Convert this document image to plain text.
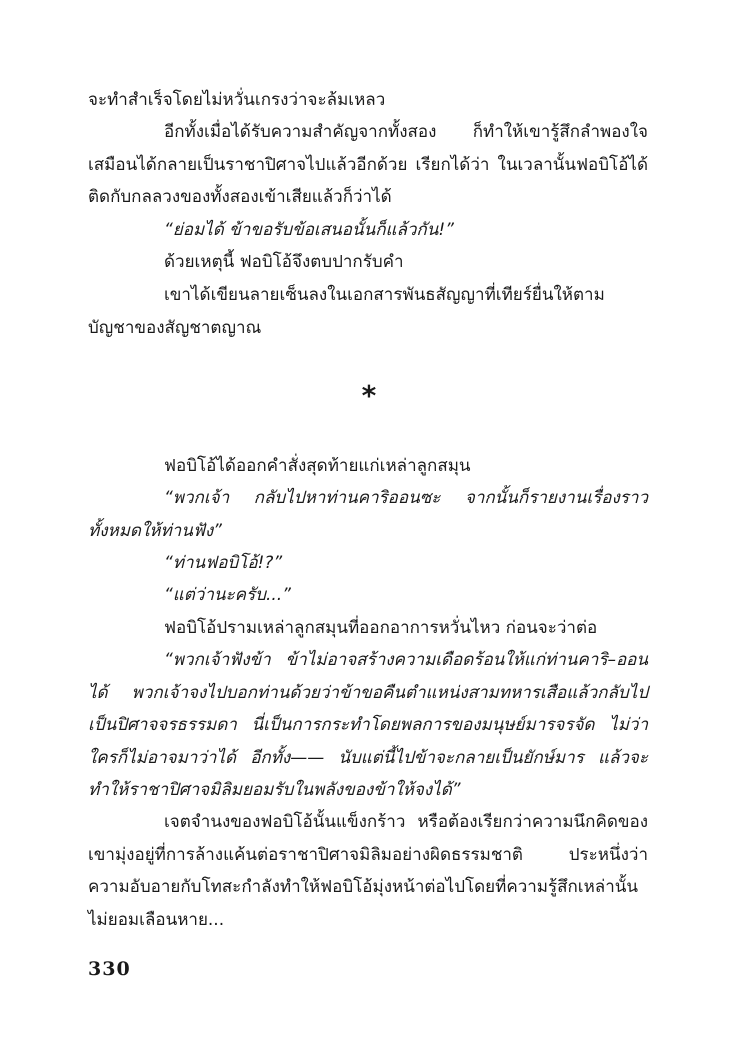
จะทำสำเร็จโดยไม่หวั่นเกรงว่าจะล้มเหลว

อีกทั้งเมื่อได้รับความสำคัญจากทั้งสอง ก็ทำให้เขารู้สึกลำพองใจเสมือนได้กลายเป็นราชาปิศาจไปแล้วอีกด้วย เรียกได้ว่า ในเวลานั้นฟอบิโอ้ได้ติดกับกลลวงของทั้งสองเข้าเสียแล้วก็ว่าได้

“ย่อมได้ ข้าขอรับข้อเสนอนั้นก็แล้วกัน!”

ด้วยเหตุนี้ ฟอบิโอ้จึงตบปากรับคำ

เขาได้เขียนลายเซ็นลงในเอกสารพันธสัญญาที่เทียร์ยื่นให้ตามบัญชาของสัญชาตญาณ

*

ฟอบิโอ้ได้ออกคำสั่งสุดท้ายแก่เหล่าลูกสมุน

“พวกเจ้า กลับไปหาท่านคาริออนซะ จากนั้นก็รายงานเรื่องราวทั้งหมดให้ท่านฟัง”

“ท่านฟอบิโอ้!?”

“แต่ว่านะครับ...”

ฟอบิโอ้ปรามเหล่าลูกสมุนที่ออกอาการหวั่นไหว ก่อนจะว่าต่อ

“พวกเจ้าฟังข้า ข้าไม่อาจสร้างความเดือดร้อนให้แก่ท่านคาริ–ออนได้ พวกเจ้าจงไปบอกท่านด้วยว่าข้าขอคืนตำแหน่งสามทหารเสือแล้วกลับไปเป็นปิศาจจรธรรมดา นี่เป็นการกระทำโดยพลการของมนุษย์มารจรจัด ไม่ว่าใครก็ไม่อาจมาว่าได้ อีกทั้ง—— นับแต่นี้ไปข้าจะกลายเป็นยักษ์มาร แล้วจะทำให้ราชาปิศาจมิลิมยอมรับในพลังของข้าให้จงได้”

เจตจำนงของฟอบิโอ้นั้นแข็งกร้าว หรือต้องเรียกว่าความนึกคิดของเขามุ่งอยู่ที่การล้างแค้นต่อราชาปิศาจมิลิมอย่างผิดธรรมชาติ ประหนึ่งว่าความอับอายกับโทสะกำลังทำให้ฟอบิโอ้มุ่งหน้าต่อไปโดยที่ความรู้สึกเหล่านั้นไม่ยอมเลือนหาย...

330
